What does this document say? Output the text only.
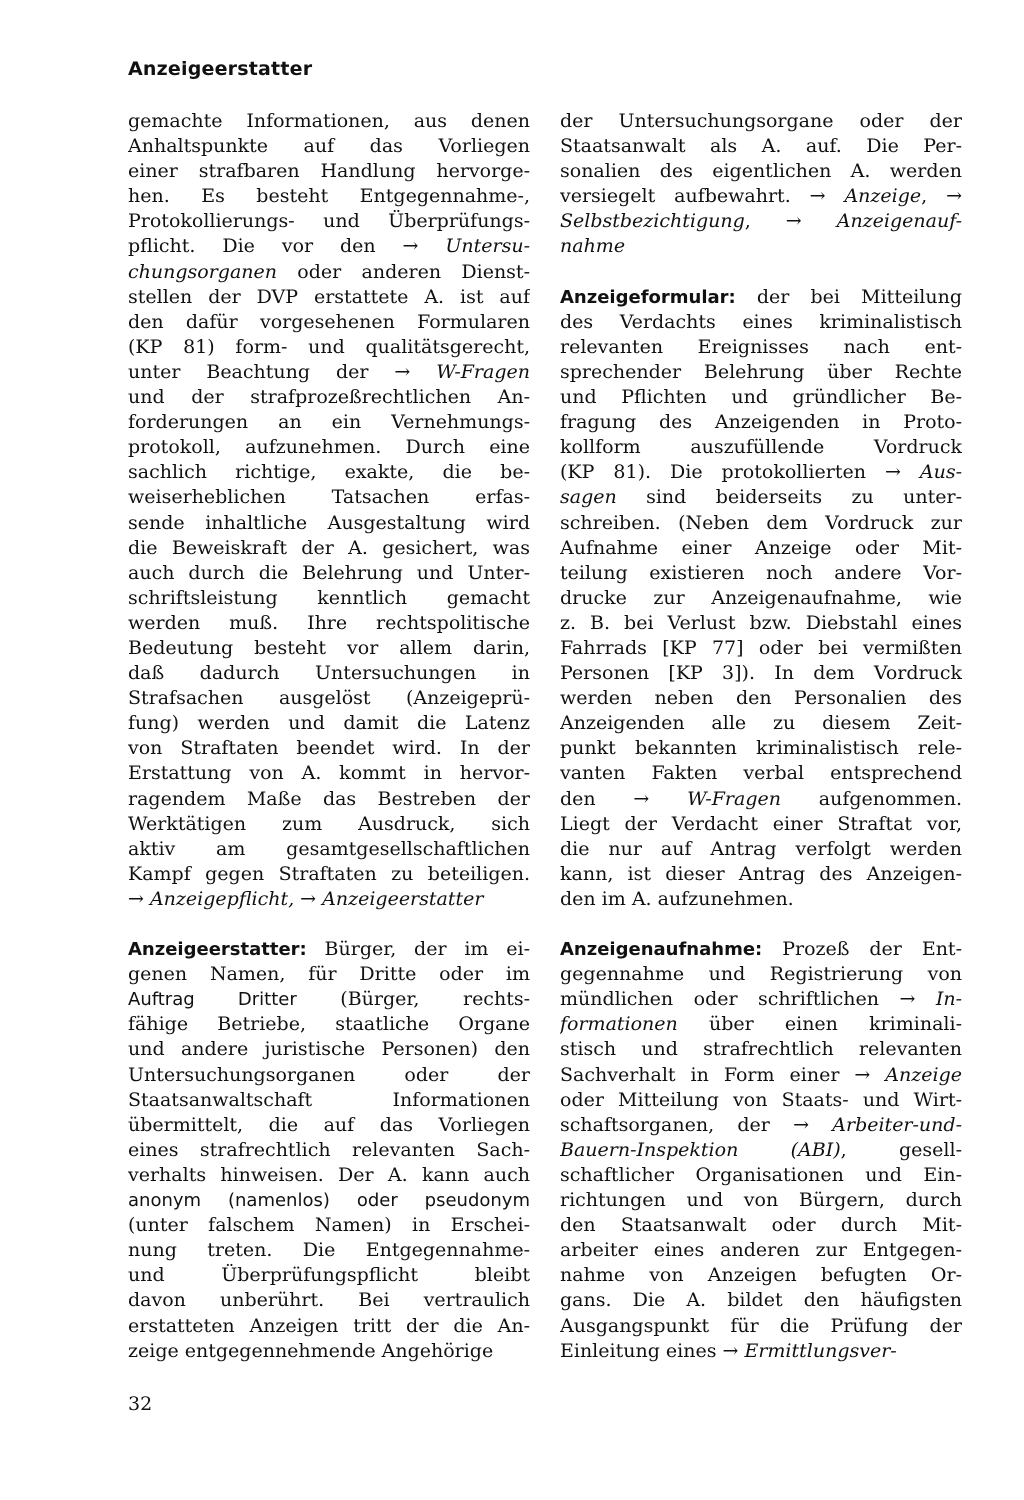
Anzeigeerstatter
gemachte Informationen, aus denen
Anhaltspunkte auf das Vorliegen
einer strafbaren Handlung hervorge-
hen. Es besteht Entgegennahme-,
Protokollierungs- und Überprüfungs-
pflicht. Die vor den → Untersu-
chungsorganen oder anderen Dienst-
stellen der DVP erstattete A. ist auf
den dafür vorgesehenen Formularen
(KP 81) form- und qualitätsgerecht,
unter Beachtung der → W-Fragen
und der strafprozeßrechtlichen An-
forderungen an ein Vernehmungs-
protokoll, aufzunehmen. Durch eine
sachlich richtige, exakte, die be-
weiserheblichen Tatsachen erfas-
sende inhaltliche Ausgestaltung wird
die Beweiskraft der A. gesichert, was
auch durch die Belehrung und Unter-
schriftsleistung kenntlich gemacht
werden muß. Ihre rechtspolitische
Bedeutung besteht vor allem darin,
daß dadurch Untersuchungen in
Strafsachen ausgelöst (Anzeigeprü-
fung) werden und damit die Latenz
von Straftaten beendet wird. In der
Erstattung von A. kommt in hervor-
ragendem Maße das Bestreben der
Werktätigen zum Ausdruck, sich
aktiv am gesamtgesellschaftlichen
Kampf gegen Straftaten zu beteiligen.
→ Anzeigepflicht, → Anzeigeerstatter
Anzeigeerstatter: Bürger, der im ei-
genen Namen, für Dritte oder im
Auftrag Dritter (Bürger, rechts-
fähige Betriebe, staatliche Organe
und andere juristische Personen) den
Untersuchungsorganen oder der
Staatsanwaltschaft Informationen
übermittelt, die auf das Vorliegen
eines strafrechtlich relevanten Sach-
verhalts hinweisen. Der A. kann auch
anonym (namenlos) oder pseudonym
(unter falschem Namen) in Erschei-
nung treten. Die Entgegennahme-
und Überprüfungspflicht bleibt
davon unberührt. Bei vertraulich
erstatteten Anzeigen tritt der die An-
zeige entgegennehmende Angehörige
der Untersuchungsorgane oder der
Staatsanwalt als A. auf. Die Per-
sonalien des eigentlichen A. werden
versiegelt aufbewahrt. → Anzeige, →
Selbstbezichtigung, → Anzeigenauf-
nahme
Anzeigeformular: der bei Mitteilung
des Verdachts eines kriminalistisch
relevanten Ereignisses nach ent-
sprechender Belehrung über Rechte
und Pflichten und gründlicher Be-
fragung des Anzeigenden in Proto-
kollform auszufüllende Vordruck
(KP 81). Die protokollierten → Aus-
sagen sind beiderseits zu unter-
schreiben. (Neben dem Vordruck zur
Aufnahme einer Anzeige oder Mit-
teilung existieren noch andere Vor-
drucke zur Anzeigenaufnahme, wie
z. B. bei Verlust bzw. Diebstahl eines
Fahrrads [KP 77] oder bei vermißten
Personen [KP 3]). In dem Vordruck
werden neben den Personalien des
Anzeigenden alle zu diesem Zeit-
punkt bekannten kriminalistisch rele-
vanten Fakten verbal entsprechend
den → W-Fragen aufgenommen.
Liegt der Verdacht einer Straftat vor,
die nur auf Antrag verfolgt werden
kann, ist dieser Antrag des Anzeigen-
den im A. aufzunehmen.
Anzeigenaufnahme: Prozeß der Ent-
gegennahme und Registrierung von
mündlichen oder schriftlichen → In-
formationen über einen kriminali-
stisch und strafrechtlich relevanten
Sachverhalt in Form einer → Anzeige
oder Mitteilung von Staats- und Wirt-
schaftsorganen, der → Arbeiter-und-
Bauern-Inspektion (ABI), gesell-
schaftlicher Organisationen und Ein-
richtungen und von Bürgern, durch
den Staatsanwalt oder durch Mit-
arbeiter eines anderen zur Entgegen-
nahme von Anzeigen befugten Or-
gans. Die A. bildet den häufigsten
Ausgangspunkt für die Prüfung der
Einleitung eines → Ermittlungsver-
32
